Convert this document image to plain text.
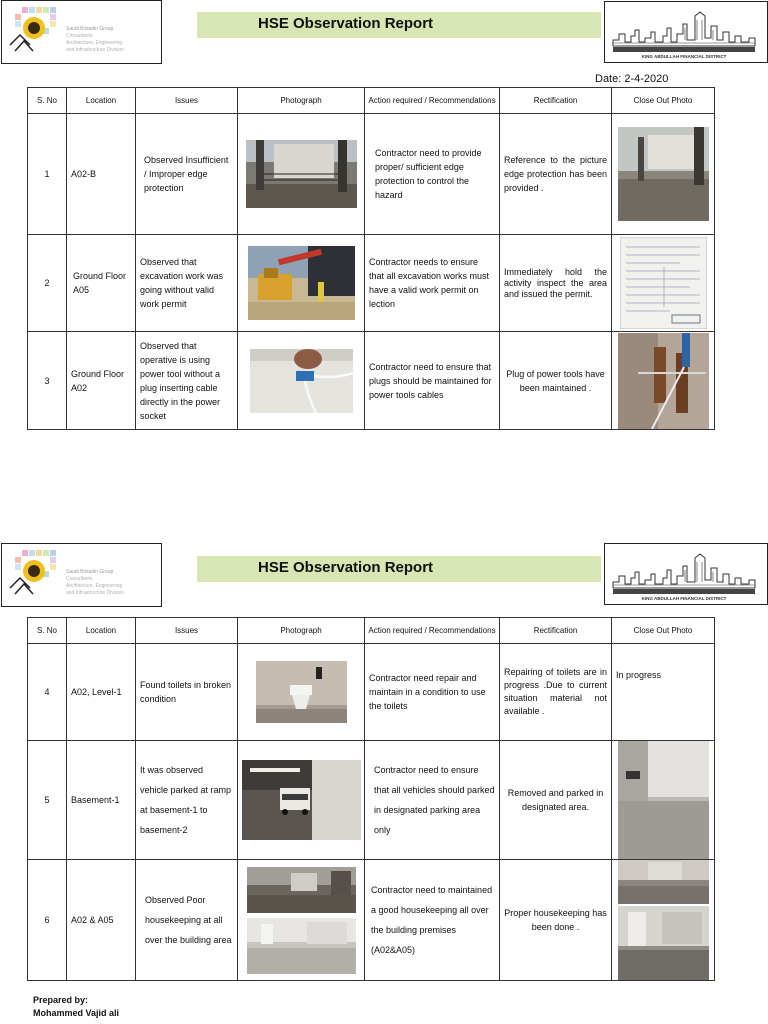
Saudi Binladin Group
Consultants
Architecture, Engineering
and Infrastructure Division
HSE Observation Report
KING ABDULLAH FINANCIAL DISTRICT
Date: 2-4-2020
S. No	Location	Issues	Photograph	Action required / Recommendations	Rectification	Close Out Photo
1	A02-B	Observed Insufficient / Improper edge protection		Contractor need to provide proper/ sufficient edge protection to control the hazard	Reference to the picture edge protection has been provided .	

2	Ground Floor A05	Observed that excavation work was going without valid work permit		Contractor needs to ensure that all excavation works must have a valid work permit on lection	Immediately hold the activity inspect the area and issued the permit.

3	Ground Floor A02	Observed that operative is using power tool without a plug inserting cable directly in the power socket		Contractor need to ensure that plugs should be maintained for power tools cables	Plug of power tools have been maintained .	
Saudi Binladin Group
Consultants
Architecture, Engineering
and Infrastructure Division
HSE Observation Report
KING ABDULLAH FINANCIAL DISTRICT
S. No	Location	Issues	Photograph	Action required / Recommendations	Rectification	Close Out Photo
4	A02, Level-1	Found toilets in broken condition		Contractor need repair and maintain in a condition to use the toilets	Repairing of toilets are in progress .Due to current situation material not available .	In progress
5	Basement-1	It was observed vehicle parked at ramp at basement-1 to basement-2		Contractor need to ensure that all vehicles should parked in designated parking area only	Removed and parked in designated area.	

6	A02 & A05	Observed Poor housekeeping at all over the building area		Contractor need to maintained a good housekeeping all over the building premises (A02&A05)	Proper housekeeping has been done .	
Prepared by:
Mohammed Vajid ali
